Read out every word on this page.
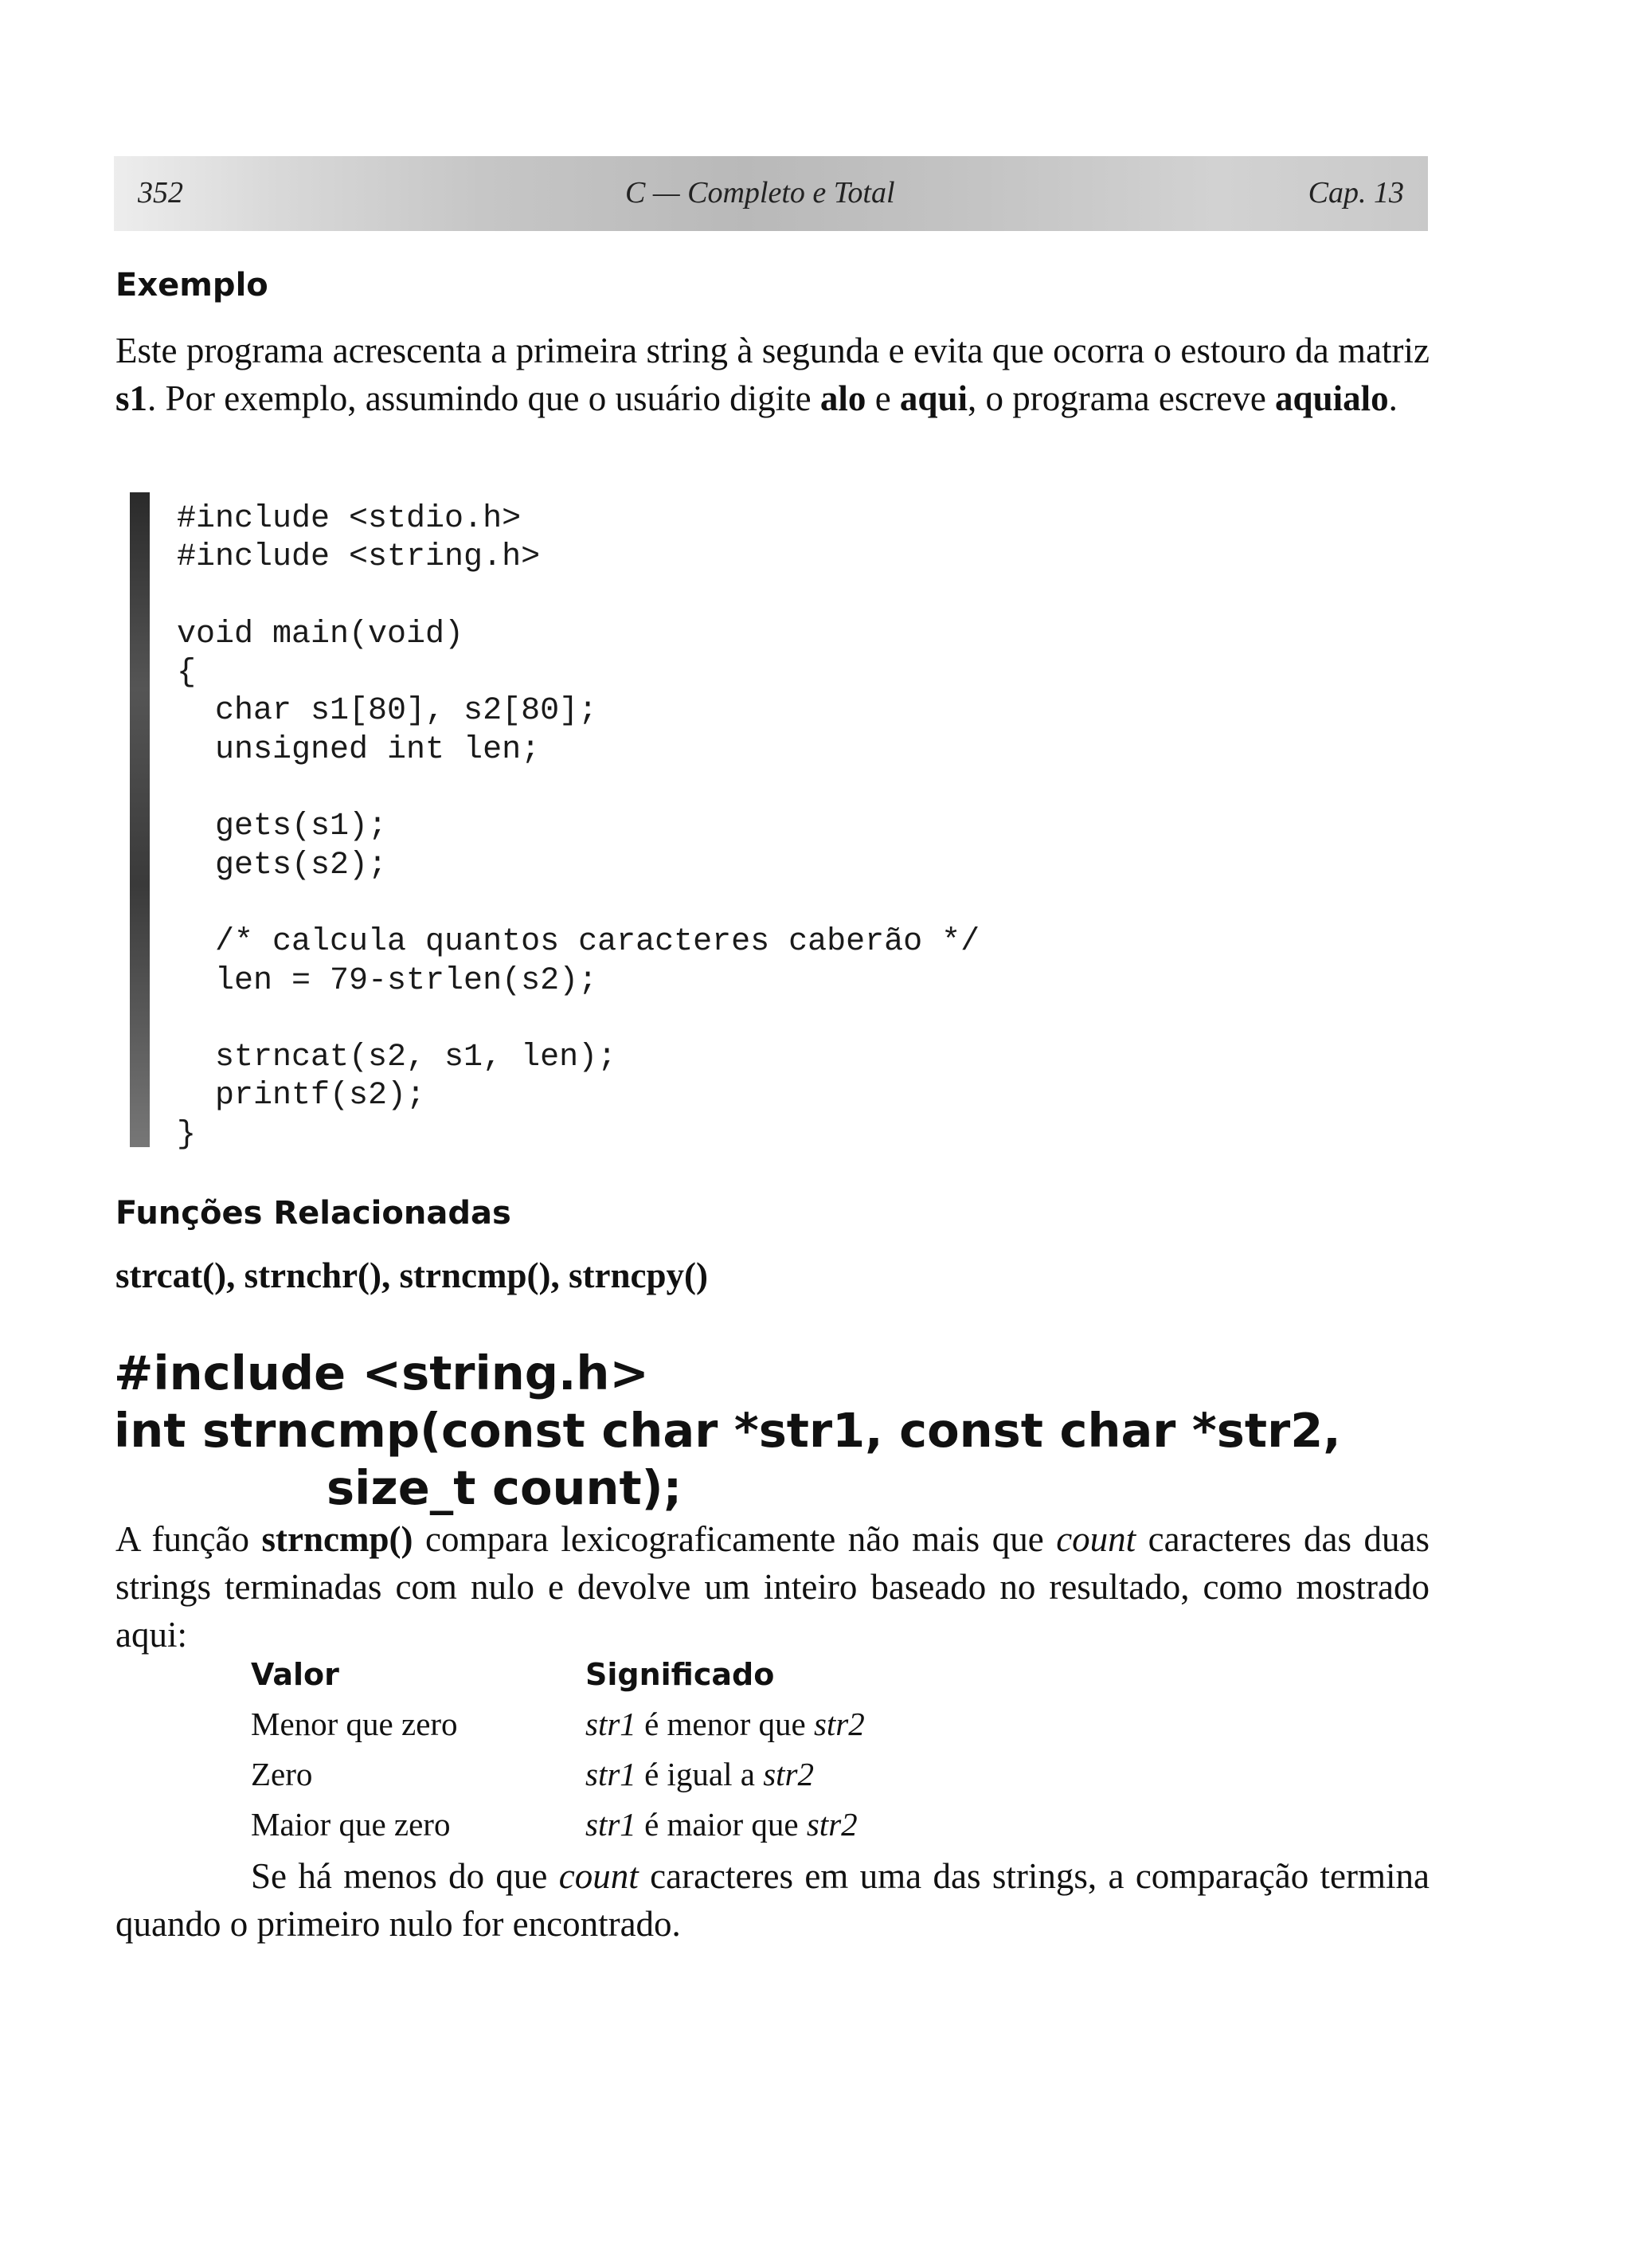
352	C — Completo e Total	Cap. 13
Exemplo

Este programa acrescenta a primeira string à segunda e evita que ocorra o estouro da matriz s1. Por exemplo, assumindo que o usuário digite alo e aqui, o programa escreve aquialo.

#include <stdio.h>
#include <string.h>
void main(void)
{
char s1[80], s2[80];
unsigned int len;
gets(s1);
gets(s2);
/* calcula quantos caracteres caberão */
len = 79-strlen(s2);
strncat(s2, s1, len);
printf(s2);
}
Funções Relacionadas

strcat(), strnchr(), strncmp(), strncpy()

#include <string.h>
int strncmp(const char *str1, const char *str2,
size_t count);

A função strncmp() compara lexicograficamente não mais que count caracteres das duas strings terminadas com nulo e devolve um inteiro baseado no resultado, como mostrado aqui:

Valor	Significado
Menor que zero	str1 é menor que str2
Zero	str1 é igual a str2
Maior que zero	str1 é maior que str2

Se há menos do que count caracteres em uma das strings, a comparação termina quando o primeiro nulo for encontrado.
